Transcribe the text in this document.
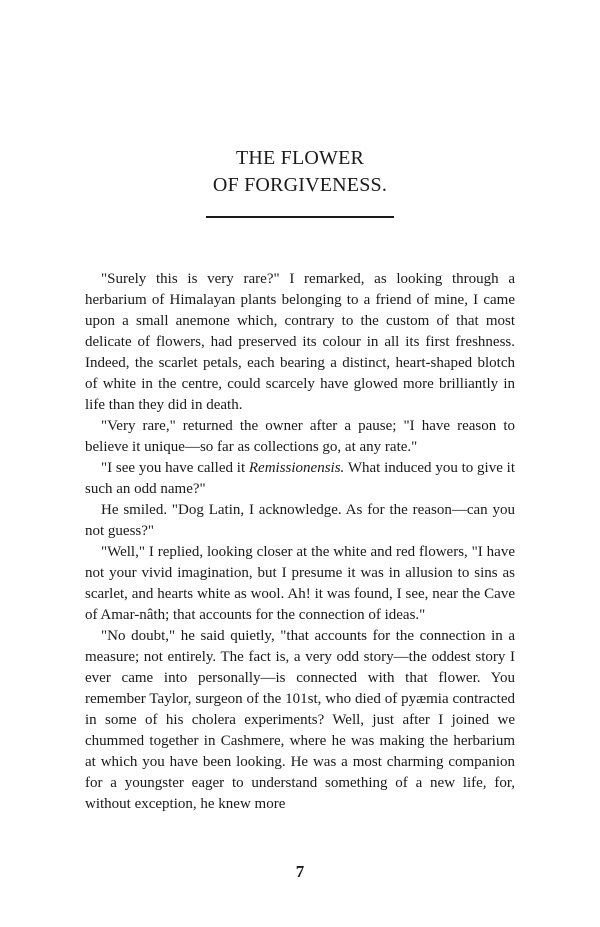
THE FLOWER
OF FORGIVENESS.

"Surely this is very rare?" I remarked, as looking through a herbarium of Himalayan plants belonging to a friend of mine, I came upon a small anemone which, contrary to the custom of that most delicate of flowers, had preserved its colour in all its first freshness. Indeed, the scarlet petals, each bearing a distinct, heart-shaped blotch of white in the centre, could scarcely have glowed more brilliantly in life than they did in death.

"Very rare," returned the owner after a pause; "I have reason to believe it unique—so far as collections go, at any rate."

"I see you have called it Remissionensis. What induced you to give it such an odd name?"

He smiled. "Dog Latin, I acknowledge. As for the reason—can you not guess?"

"Well," I replied, looking closer at the white and red flowers, "I have not your vivid imagination, but I presume it was in allusion to sins as scarlet, and hearts white as wool. Ah! it was found, I see, near the Cave of Amar-nâth; that accounts for the connection of ideas."

"No doubt," he said quietly, "that accounts for the connection in a measure; not entirely. The fact is, a very odd story—the oddest story I ever came into personally—is connected with that flower. You remember Taylor, surgeon of the 101st, who died of pyæmia contracted in some of his cholera experiments? Well, just after I joined we chummed together in Cashmere, where he was making the herbarium at which you have been looking. He was a most charming companion for a youngster eager to understand something of a new life, for, without exception, he knew more

7
